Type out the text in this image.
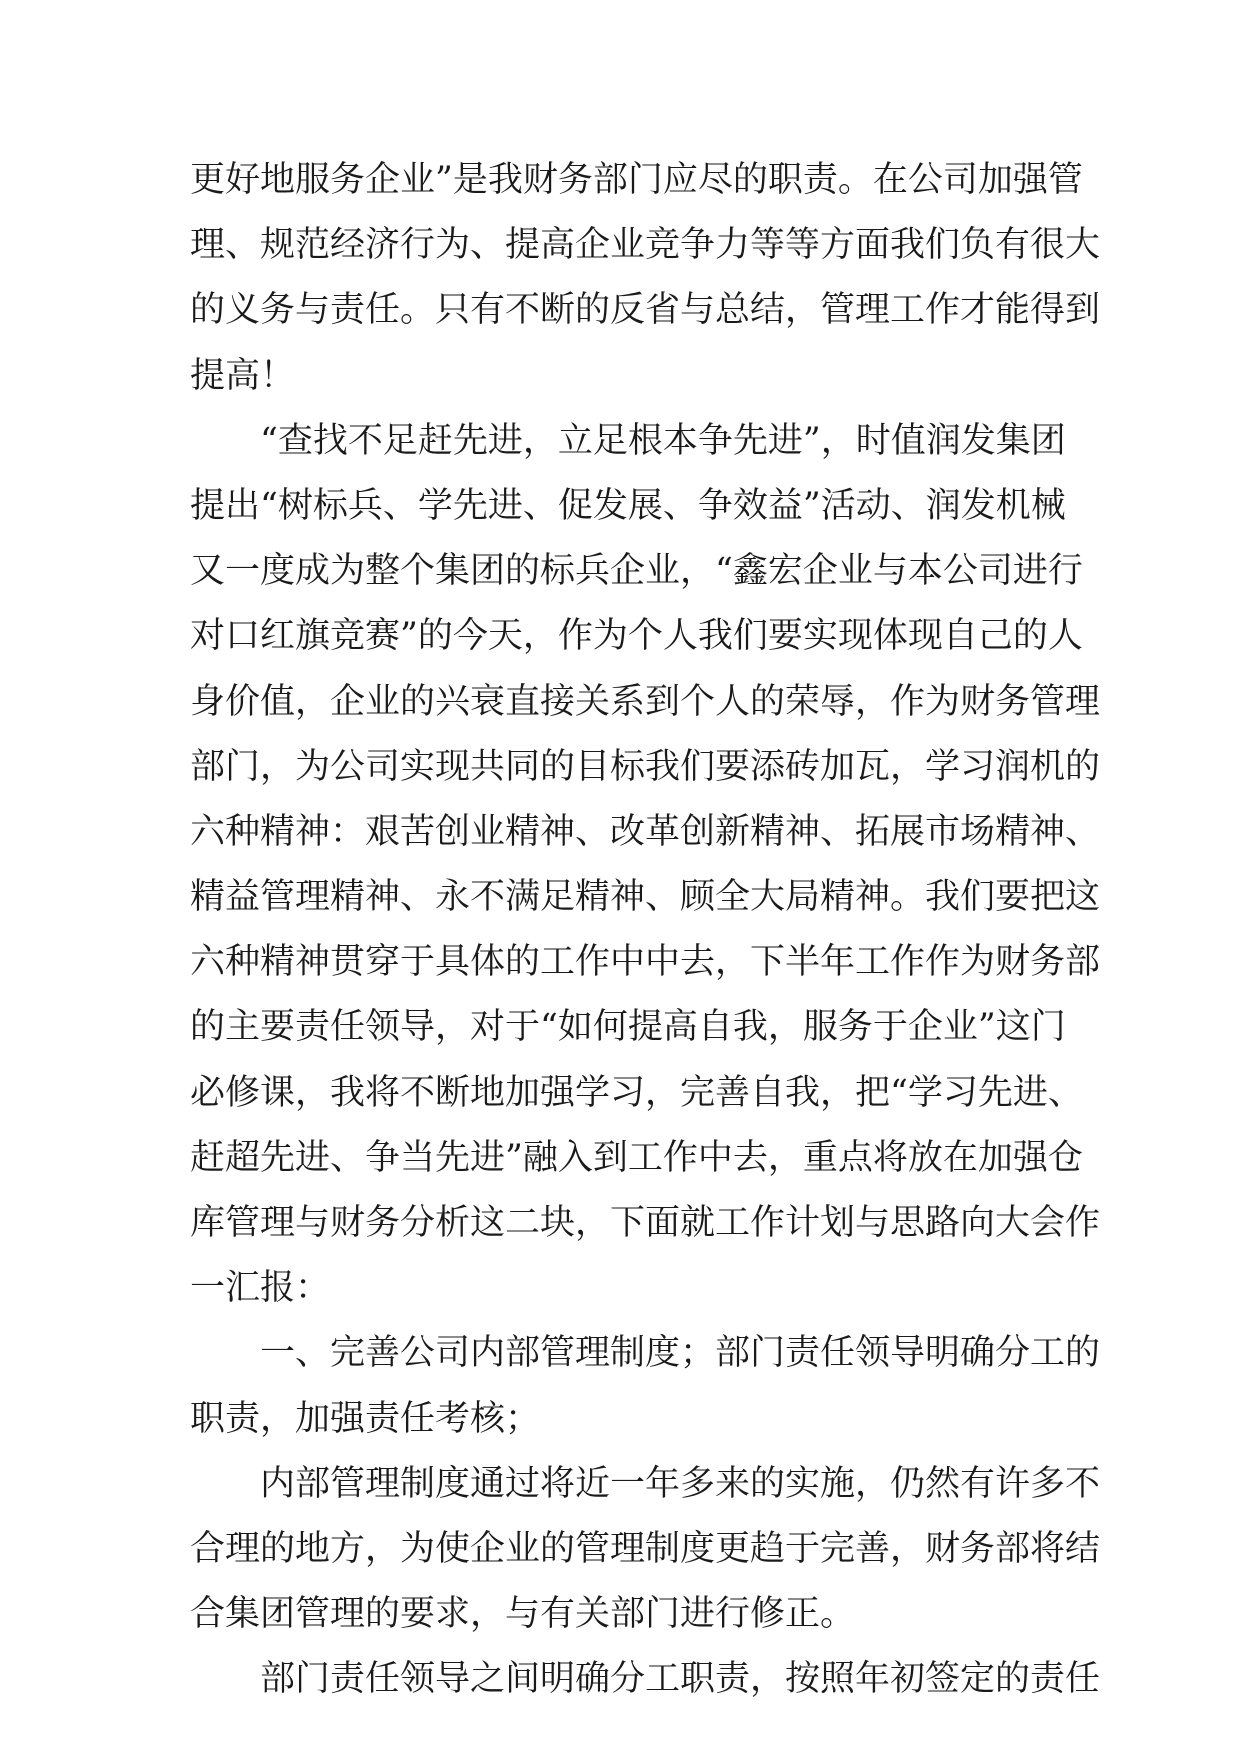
更好地服务企业”是我财务部门应尽的职责。在公司加强管
理、规范经济行为、提高企业竞争力等等方面我们负有很大
的义务与责任。只有不断的反省与总结，管理工作才能得到
提高！
“查找不足赶先进，立足根本争先进”，时值润发集团
提出“树标兵、学先进、促发展、争效益”活动、润发机械
又一度成为整个集团的标兵企业，“鑫宏企业与本公司进行
对口红旗竞赛”的今天，作为个人我们要实现体现自己的人
身价值，企业的兴衰直接关系到个人的荣辱，作为财务管理
部门，为公司实现共同的目标我们要添砖加瓦，学习润机的
六种精神：艰苦创业精神、改革创新精神、拓展市场精神、
精益管理精神、永不满足精神、顾全大局精神。我们要把这
六种精神贯穿于具体的工作中中去，下半年工作作为财务部
的主要责任领导，对于“如何提高自我，服务于企业”这门
必修课，我将不断地加强学习，完善自我，把“学习先进、
赶超先进、争当先进”融入到工作中去，重点将放在加强仓
库管理与财务分析这二块，下面就工作计划与思路向大会作
一汇报：
一、完善公司内部管理制度；部门责任领导明确分工的
职责，加强责任考核；
内部管理制度通过将近一年多来的实施，仍然有许多不
合理的地方，为使企业的管理制度更趋于完善，财务部将结
合集团管理的要求，与有关部门进行修正。
部门责任领导之间明确分工职责，按照年初签定的责任
